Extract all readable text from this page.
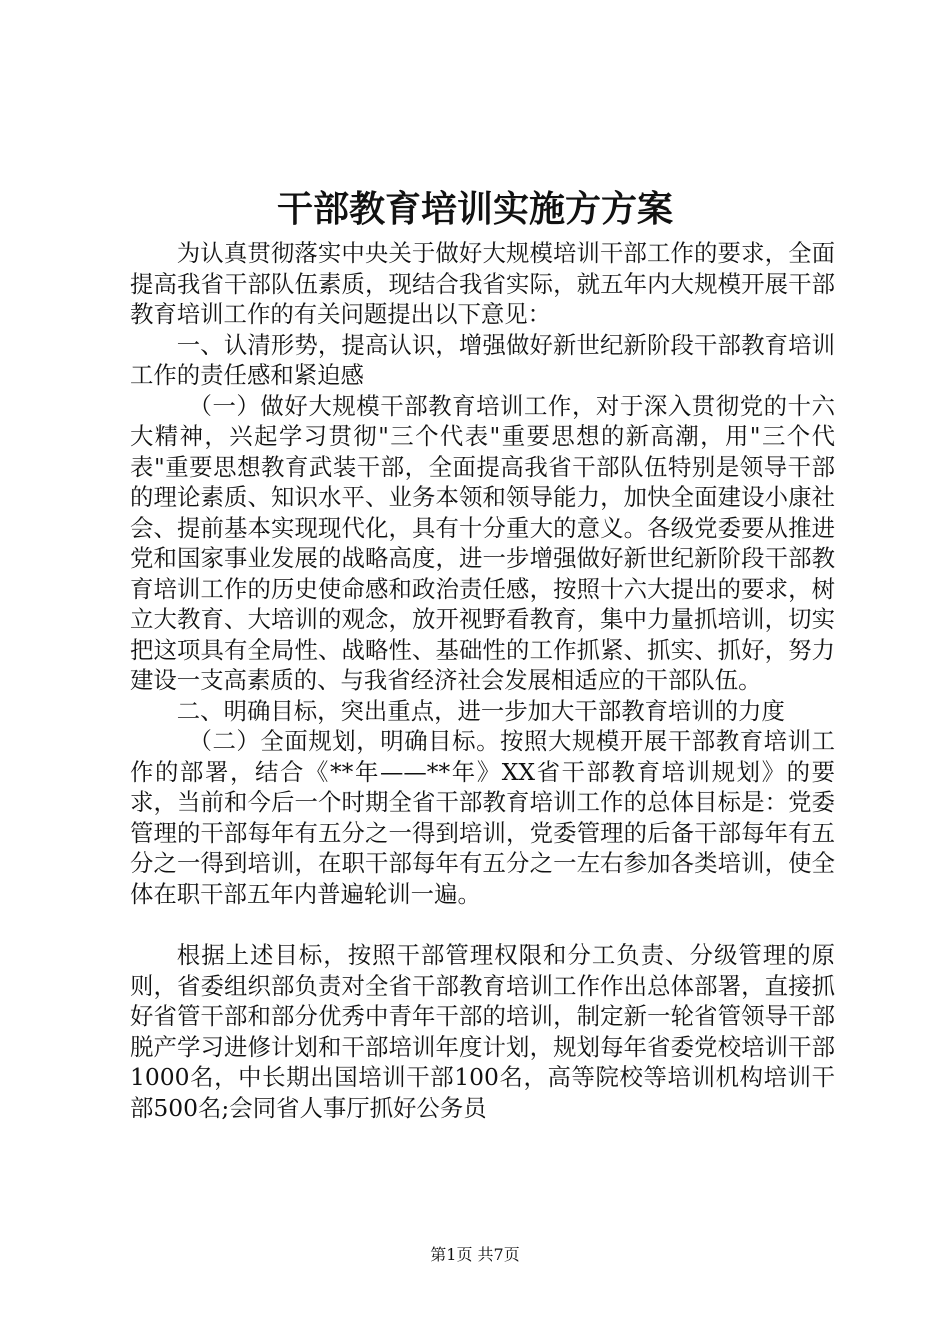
干部教育培训实施方方案

为认真贯彻落实中央关于做好大规模培训干部工作的要求，全面提高我省干部队伍素质，现结合我省实际，就五年内大规模开展干部教育培训工作的有关问题提出以下意见：

一、认清形势，提高认识，增强做好新世纪新阶段干部教育培训工作的责任感和紧迫感

（一）做好大规模干部教育培训工作，对于深入贯彻党的十六大精神，兴起学习贯彻"三个代表"重要思想的新高潮，用"三个代表"重要思想教育武装干部，全面提高我省干部队伍特别是领导干部的理论素质、知识水平、业务本领和领导能力，加快全面建设小康社会、提前基本实现现代化，具有十分重大的意义。各级党委要从推进党和国家事业发展的战略高度，进一步增强做好新世纪新阶段干部教育培训工作的历史使命感和政治责任感，按照十六大提出的要求，树立大教育、大培训的观念，放开视野看教育，集中力量抓培训，切实把这项具有全局性、战略性、基础性的工作抓紧、抓实、抓好，努力建设一支高素质的、与我省经济社会发展相适应的干部队伍。

二、明确目标，突出重点，进一步加大干部教育培训的力度

（二）全面规划，明确目标。按照大规模开展干部教育培训工作的部署，结合《**年——**年》XX省干部教育培训规划》的要求，当前和今后一个时期全省干部教育培训工作的总体目标是：党委管理的干部每年有五分之一得到培训，党委管理的后备干部每年有五分之一得到培训，在职干部每年有五分之一左右参加各类培训，使全体在职干部五年内普遍轮训一遍。

根据上述目标，按照干部管理权限和分工负责、分级管理的原则，省委组织部负责对全省干部教育培训工作作出总体部署，直接抓好省管干部和部分优秀中青年干部的培训，制定新一轮省管领导干部脱产学习进修计划和干部培训年度计划，规划每年省委党校培训干部1000名，中长期出国培训干部100名，高等院校等培训机构培训干部500名;会同省人事厅抓好公务员

第1页 共7页
